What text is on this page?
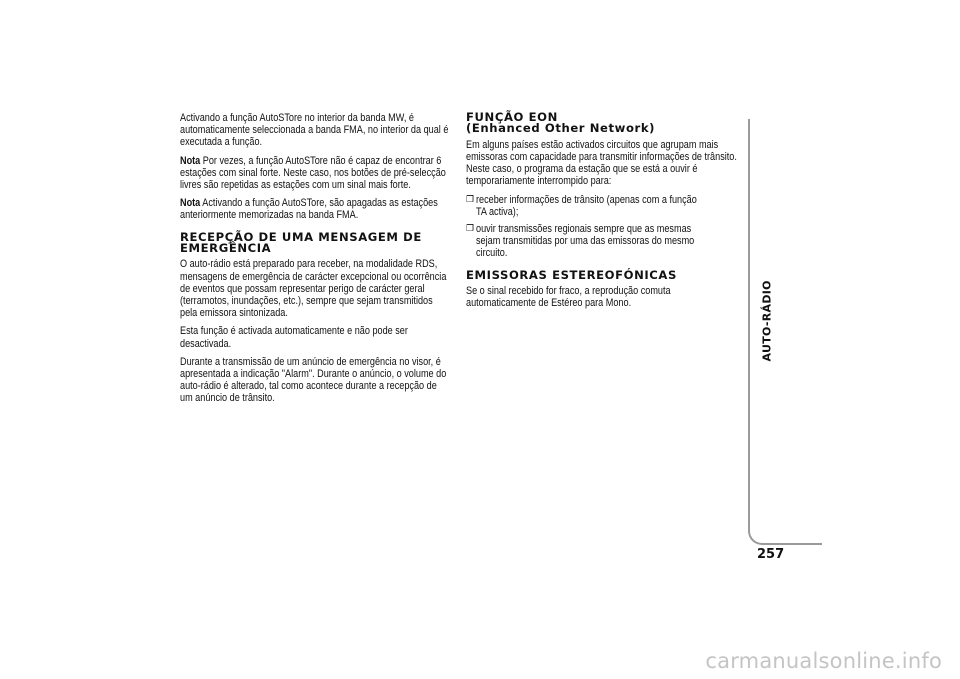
Activando a função AutoSTore no interior da banda MW, é automaticamente seleccionada a banda FMA, no interior da qual é executada a função.

Nota Por vezes, a função AutoSTore não é capaz de encontrar 6 estações com sinal forte. Neste caso, nos botões de pré-selecção livres são repetidas as estações com um sinal mais forte.

Nota Activando a função AutoSTore, são apagadas as estações anteriormente memorizadas na banda FMA.

RECEPÇÃO DE UMA MENSAGEM DE EMERGÊNCIA

O auto-rádio está preparado para receber, na modalidade RDS, mensagens de emergência de carácter excepcional ou ocorrência de eventos que possam representar perigo de carácter geral (terramotos, inundações, etc.), sempre que sejam transmitidos pela emissora sintonizada.

Esta função é activada automaticamente e não pode ser desactivada.

Durante a transmissão de um anúncio de emergência no visor, é apresentada a indicação "Alarm". Durante o anúncio, o volume do auto-rádio é alterado, tal como acontece durante a recepção de um anúncio de trânsito.

FUNÇÃO EON
(Enhanced Other Network)

Em alguns países estão activados circuitos que agrupam mais emissoras com capacidade para transmitir informações de trânsito. Neste caso, o programa da estação que se está a ouvir é temporariamente interrompido para:

❐ receber informações de trânsito (apenas com a função TA activa);

❐ ouvir transmissões regionais sempre que as mesmas sejam transmitidas por uma das emissoras do mesmo circuito.

EMISSORAS ESTEREOFÓNICAS

Se o sinal recebido for fraco, a reprodução comuta automaticamente de Estéreo para Mono.	AUTO-RÁDIO
257
carmanualsonline.info
